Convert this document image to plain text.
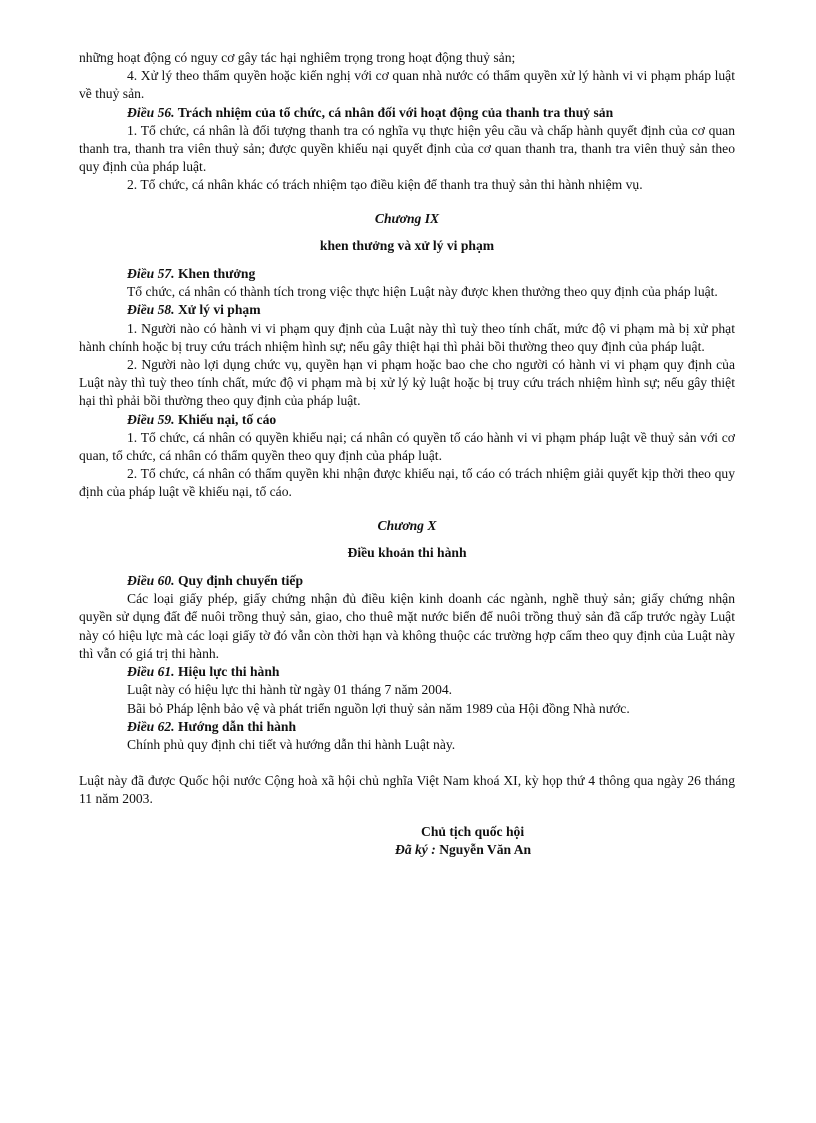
những hoạt động có nguy cơ gây tác hại nghiêm trọng trong hoạt động thuỷ sản;

4. Xử lý theo thẩm quyền hoặc kiến nghị với cơ quan nhà nước có thẩm quyền xử lý hành vi vi phạm pháp luật về thuỷ sản.

Điều 56. Trách nhiệm của tổ chức, cá nhân đối với hoạt động của thanh tra thuỷ sản

1. Tổ chức, cá nhân là đối tượng thanh tra có nghĩa vụ thực hiện yêu cầu và chấp hành quyết định của cơ quan thanh tra, thanh tra viên thuỷ sản; được quyền khiếu nại quyết định của cơ quan thanh tra, thanh tra viên thuỷ sản theo quy định của pháp luật.

2. Tổ chức, cá nhân khác có trách nhiệm tạo điều kiện để thanh tra thuỷ sản thi hành nhiệm vụ.

Chương IX

khen thưởng và xử lý vi phạm

Điều 57. Khen thưởng

Tổ chức, cá nhân có thành tích trong việc thực hiện Luật này được khen thưởng theo quy định của pháp luật.

Điều 58. Xử lý vi phạm

1. Người nào có hành vi vi phạm quy định của Luật này thì tuỳ theo tính chất, mức độ vi phạm mà bị xử phạt hành chính hoặc bị truy cứu trách nhiệm hình sự; nếu gây thiệt hại thì phải bồi thường theo quy định của pháp luật.

2. Người nào lợi dụng chức vụ, quyền hạn vi phạm hoặc bao che cho người có hành vi vi phạm quy định của Luật này thì tuỳ theo tính chất, mức độ vi phạm mà bị xử lý kỷ luật hoặc bị truy cứu trách nhiệm hình sự; nếu gây thiệt hại thì phải bồi thường theo quy định của pháp luật.

Điều 59. Khiếu nại, tố cáo

1. Tổ chức, cá nhân có quyền khiếu nại; cá nhân có quyền tố cáo hành vi vi phạm pháp luật về thuỷ sản với cơ quan, tổ chức, cá nhân có thẩm quyền theo quy định của pháp luật.

2. Tổ chức, cá nhân có thẩm quyền khi nhận được khiếu nại, tố cáo có trách nhiệm giải quyết kịp thời theo quy định của pháp luật về khiếu nại, tố cáo.

Chương X

Điều khoản thi hành

Điều 60. Quy định chuyển tiếp

Các loại giấy phép, giấy chứng nhận đủ điều kiện kinh doanh các ngành, nghề thuỷ sản; giấy chứng nhận quyền sử dụng đất để nuôi trồng thuỷ sản, giao, cho thuê mặt nước biển để nuôi trồng thuỷ sản đã cấp trước ngày Luật này có hiệu lực mà các loại giấy tờ đó vẫn còn thời hạn và không thuộc các trường hợp cấm theo quy định của Luật này thì vẫn có giá trị thi hành.

Điều 61. Hiệu lực thi hành

Luật này có hiệu lực thi hành từ ngày 01 tháng 7 năm 2004.

Bãi bỏ Pháp lệnh bảo vệ và phát triển nguồn lợi thuỷ sản năm 1989 của Hội đồng Nhà nước.

Điều 62. Hướng dẫn thi hành

Chính phủ quy định chi tiết và hướng dẫn thi hành Luật này.

Luật này đã được Quốc hội nước Cộng hoà xã hội chủ nghĩa Việt Nam khoá XI, kỳ họp thứ 4 thông qua ngày 26 tháng 11 năm 2003.

Chủ tịch quốc hội

Đã ký : Nguyễn Văn An
